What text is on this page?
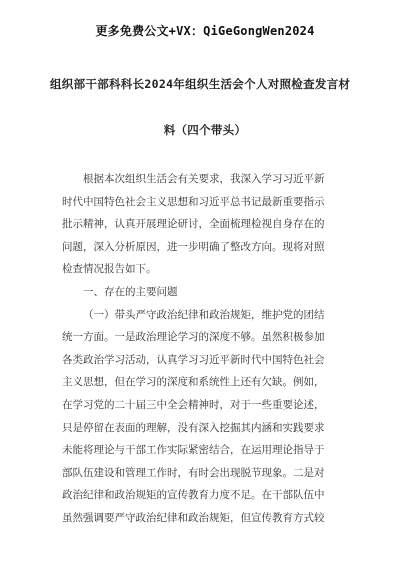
更多免费公文+VX：QiGeGongWen2024
组织部干部科科长2024年组织生活会个人对照检查发言材
料（四个带头）
根据本次组织生活会有关要求，我深入学习习近平新
时代中国特色社会主义思想和习近平总书记最新重要指示
批示精神，认真开展理论研讨，全面梳理检视自身存在的
问题，深入分析原因，进一步明确了整改方向。现将对照
检查情况报告如下。
一、存在的主要问题
（一）带头严守政治纪律和政治规矩，维护党的团结
统一方面。一是政治理论学习的深度不够。虽然积极参加
各类政治学习活动，认真学习习近平新时代中国特色社会
主义思想，但在学习的深度和系统性上还有欠缺。例如，
在学习党的二十届三中全会精神时，对于一些重要论述，
只是停留在表面的理解，没有深入挖掘其内涵和实践要求
未能将理论与干部工作实际紧密结合，在运用理论指导于
部队伍建设和管理工作时，有时会出现脱节现象。二是对
政治纪律和政治规矩的宣传教育力度不足。在干部队伍中
虽然强调要严守政治纪律和政治规矩，但宣传教育方式较
